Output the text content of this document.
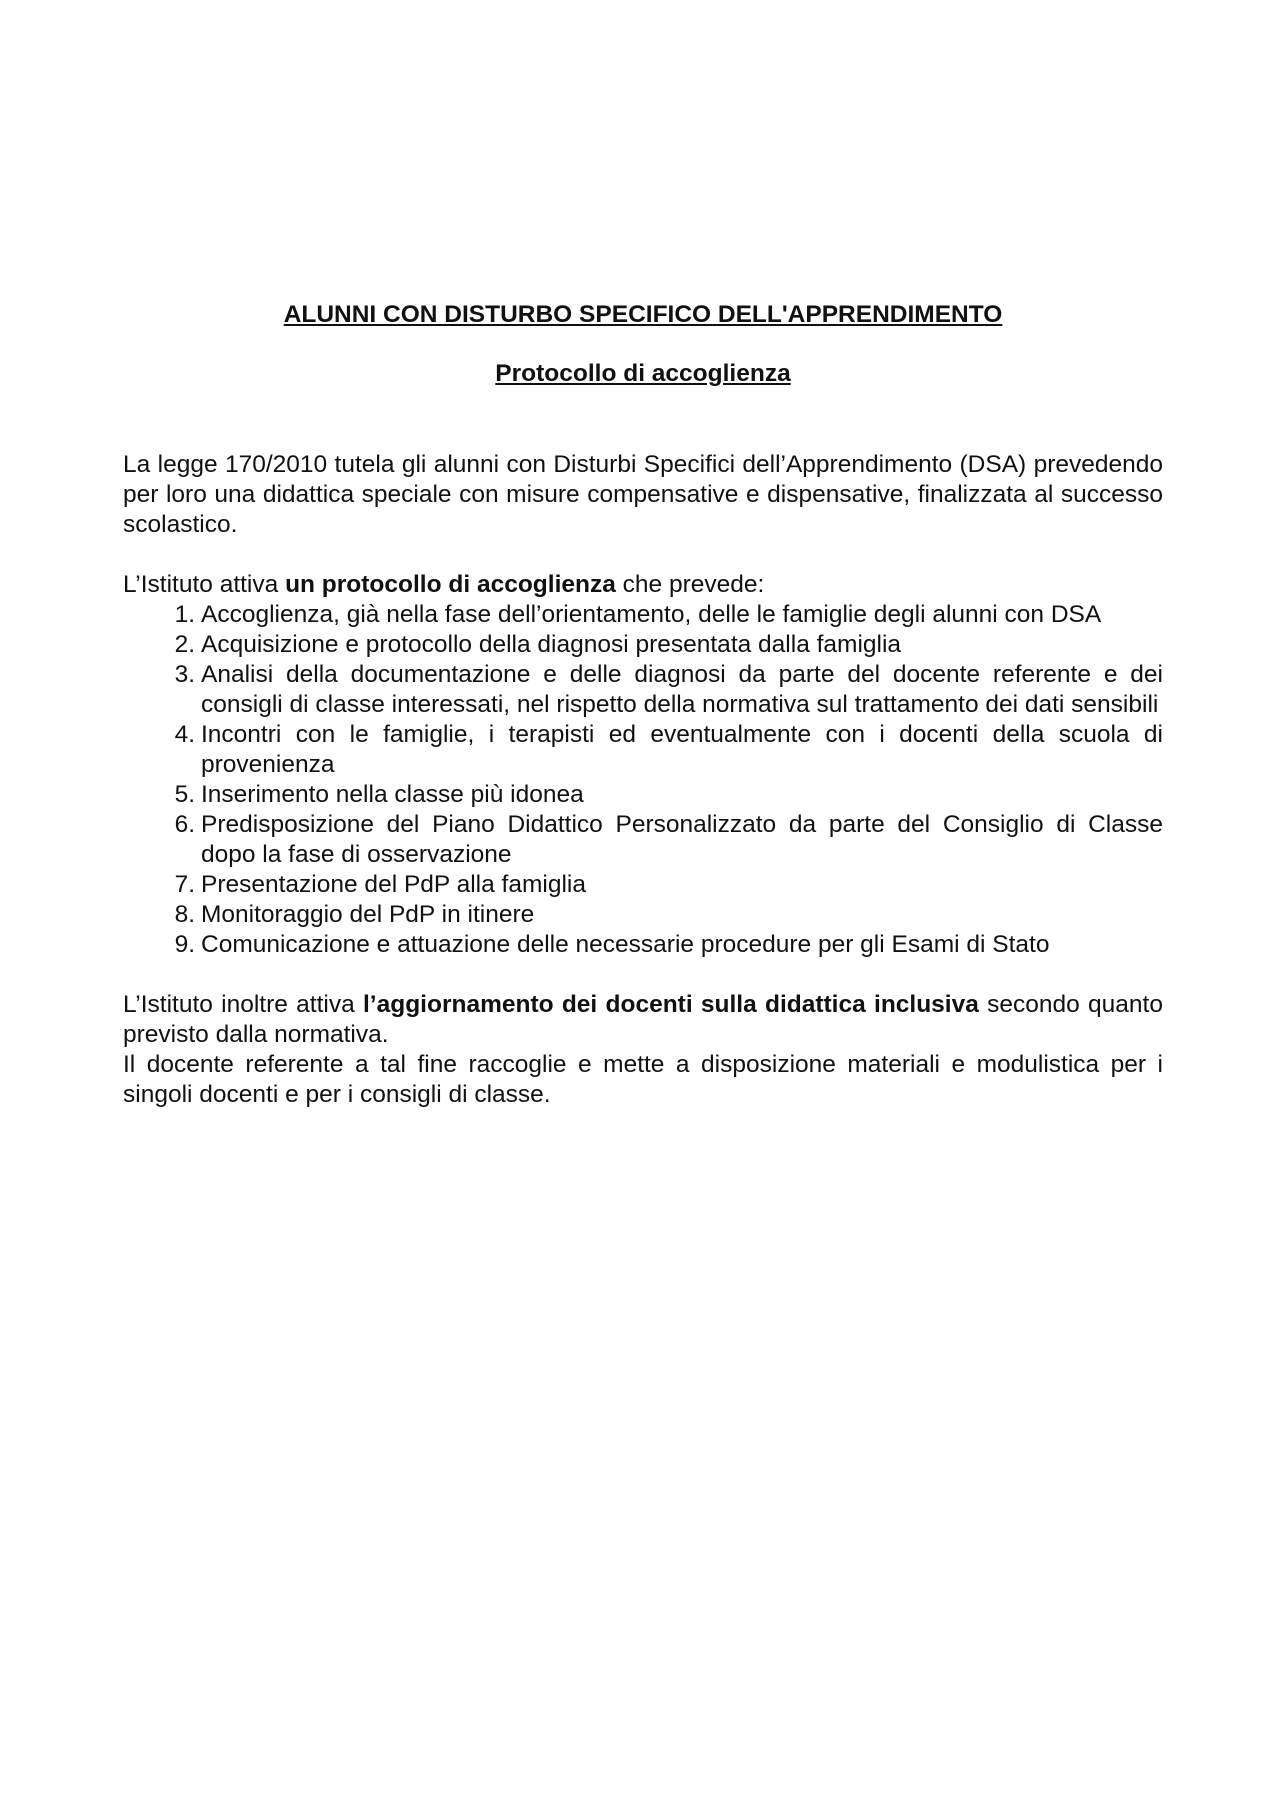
ALUNNI CON DISTURBO SPECIFICO DELL'APPRENDIMENTO

Protocollo di accoglienza

La legge 170/2010 tutela gli alunni con Disturbi Specifici dell’Apprendimento (DSA) prevedendo per loro una didattica speciale con misure compensative e dispensative, finalizzata al successo scolastico.

L’Istituto attiva un protocollo di accoglienza che prevede:

1. Accoglienza, già nella fase dell’orientamento, delle le famiglie degli alunni con DSA
2. Acquisizione e protocollo della diagnosi presentata dalla famiglia
3. Analisi della documentazione e delle diagnosi da parte del docente referente e dei consigli di classe interessati, nel rispetto della normativa sul trattamento dei dati sensibili
4. Incontri con le famiglie, i terapisti ed eventualmente con i docenti della scuola di provenienza
5. Inserimento nella classe più idonea
6. Predisposizione del Piano Didattico Personalizzato da parte del Consiglio di Classe dopo la fase di osservazione
7. Presentazione del PdP alla famiglia
8. Monitoraggio del PdP in itinere
9. Comunicazione e attuazione delle necessarie procedure per gli Esami di Stato

L’Istituto inoltre attiva l’aggiornamento dei docenti sulla didattica inclusiva secondo quanto previsto dalla normativa.

Il docente referente a tal fine raccoglie e mette a disposizione materiali e modulistica per i singoli docenti e per i consigli di classe.
